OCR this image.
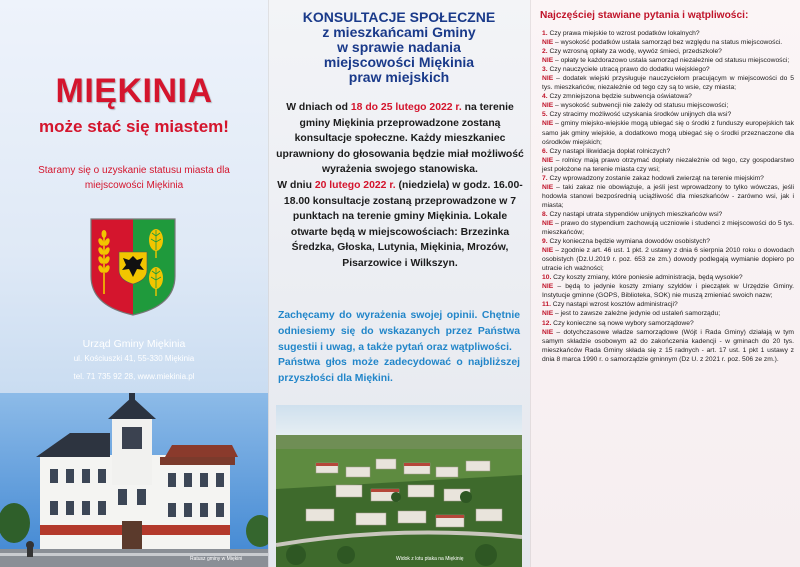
MIĘKINIA
może stać się miastem!
Staramy się o uzyskanie statusu miasta dla miejscowości Miękinia
Urząd Gminy Miękinia
ul. Kościuszki 41, 55-330 Miękinia
tel. 71 735 92 28, www.miekinia.pl
Ratusz gminy w Miękini
KONSULTACJE SPOŁECZNE
z mieszkańcami Gminy
w sprawie nadania
miejscowości Miękinia
praw miejskich

W dniach od 18 do 25 lutego 2022 r. na terenie gminy Miękinia przeprowadzone zostaną konsultacje społeczne. Każdy mieszkaniec uprawniony do głosowania będzie miał możliwość wyrażenia swojego stanowiska.

W dniu 20 lutego 2022 r. (niedziela) w godz. 16.00-18.00 konsultacje zostaną przeprowadzone w 7 punktach na terenie gminy Miękinia. Lokale otwarte będą w miejscowościach: Brzezinka Średzka, Głoska, Lutynia, Miękinia, Mrozów, Pisarzowice i Wilkszyn.

Zachęcamy do wyrażenia swojej opinii. Chętnie odniesiemy się do wskazanych przez Państwa sugestii i uwag, a także pytań oraz wątpliwości.

Państwa głos może zadecydować o najbliższej przyszłości dla Miękini.

Widok z lotu ptaka na Miękinię
Najczęściej stawiane pytania i wątpliwości:
1. Czy prawa miejskie to wzrost podatków lokalnych?
NIE – wysokość podatków ustala samorząd bez względu na status miejscowości.
2. Czy wzrosną opłaty za wodę, wywóz śmieci, przedszkole?
NIE – opłaty te każdorazowo ustala samorząd niezależnie od statusu miejscowości;
3. Czy nauczyciele utracą prawo do dodatku wiejskiego?
NIE – dodatek wiejski przysługuje nauczycielom pracującym w miejscowości do 5 tys. mieszkańców, niezależnie od tego czy są to wsie, czy miasta;
4. Czy zmniejszona będzie subwencja oświatowa?
NIE – wysokość subwencji nie zależy od statusu miejscowości;
5. Czy stracimy możliwość uzyskania środków unijnych dla wsi?
NIE – gminy miejsko-wiejskie mogą ubiegać się o środki z funduszy europejskich tak samo jak gminy wiejskie, a dodatkowo mogą ubiegać się o środki przeznaczone dla ośrodków miejskich;
6. Czy nastąpi likwidacja dopłat rolniczych?
NIE – rolnicy mają prawo otrzymać dopłaty niezależnie od tego, czy gospodarstwo jest położone na terenie miasta czy wsi;
7. Czy wprowadzony zostanie zakaz hodowli zwierząt na terenie miejskim?
NIE – taki zakaz nie obowiązuje, a jeśli jest wprowadzony to tylko wówczas, jeśli hodowla stanowi bezpośrednią uciążliwość dla mieszkańców - zarówno wsi, jak i miasta;
8. Czy nastąpi utrata stypendiów unijnych mieszkańców wsi?
NIE – prawo do stypendium zachowują uczniowie i studenci z miejscowości do 5 tys. mieszkańców;
9. Czy konieczna będzie wymiana dowodów osobistych?
NIE – zgodnie z art. 46 ust. 1 pkt. 2 ustawy z dnia 6 sierpnia 2010 roku o dowodach osobistych (Dz.U.2019 r. poz. 653 ze zm.) dowody podlegają wymianie dopiero po utracie ich ważności;
10. Czy koszty zmiany, które poniesie administracja, będą wysokie?
NIE – będą to jedynie koszty zmiany szyldów i pieczątek w Urzędzie Gminy. Instytucje gminne (GOPS, Biblioteka, SOK) nie muszą zmieniać swoich nazw;
11. Czy nastąpi wzrost kosztów administracji?
NIE – jest to zawsze zależne jedynie od ustaleń samorządu;
12. Czy konieczne są nowe wybory samorządowe?
NIE – dotychczasowe władze samorządowe (Wójt i Rada Gminy) działają w tym samym składzie osobowym aż do zakończenia kadencji - w gminach do 20 tys. mieszkańców Rada Gminy składa się z 15 radnych - art. 17 ust. 1 pkt 1 ustawy z dnia 8 marca 1990 r. o samorządzie gminnym (Dz U. z 2021 r. poz. 506 ze zm.).
